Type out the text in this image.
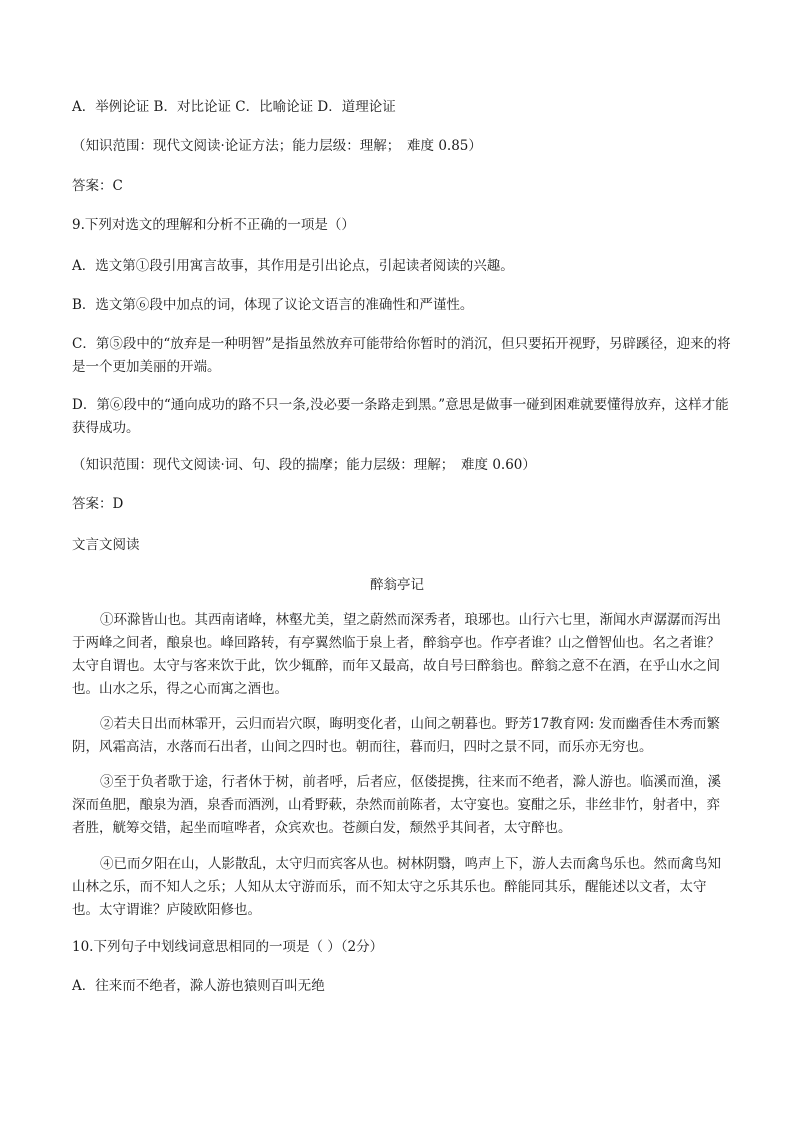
A．举例论证 B．对比论证 C．比喻论证 D．道理论证
（知识范围：现代文阅读·论证方法；能力层级：理解；　难度 0.85）
答案：C
9.下列对选文的理解和分析不正确的一项是（）
A．选文第①段引用寓言故事，其作用是引出论点，引起读者阅读的兴趣。
B．选文第⑥段中加点的词，体现了议论文语言的准确性和严谨性。
C．第⑤段中的“放弃是一种明智”是指虽然放弃可能带给你暂时的消沉，但只要拓开视野，另辟蹊径，迎来的将是一个更加美丽的开端。
D．第⑥段中的“通向成功的路不只一条,没必要一条路走到黑。”意思是做事一碰到困难就要懂得放弃，这样才能获得成功。
（知识范围：现代文阅读·词、句、段的揣摩；能力层级：理解；　难度 0.60）
答案：D
文言文阅读
醉翁亭记
①环滁皆山也。其西南诸峰，林壑尤美，望之蔚然而深秀者，琅琊也。山行六七里，渐闻水声潺潺而泻出于两峰之间者，酿泉也。峰回路转，有亭翼然临于泉上者，醉翁亭也。作亭者谁？山之僧智仙也。名之者谁？太守自谓也。太守与客来饮于此，饮少辄醉，而年又最高，故自号曰醉翁也。醉翁之意不在酒，在乎山水之间也。山水之乐，得之心而寓之酒也。
②若夫日出而林霏开，云归而岩穴暝，晦明变化者，山间之朝暮也。野芳17教育网: 发而幽香佳木秀而繁阴，风霜高洁，水落而石出者，山间之四时也。朝而往，暮而归，四时之景不同，而乐亦无穷也。
③至于负者歌于途，行者休于树，前者呼，后者应，伛偻提携，往来而不绝者，滁人游也。临溪而渔，溪深而鱼肥，酿泉为酒，泉香而酒洌，山肴野蔌，杂然而前陈者，太守宴也。宴酣之乐，非丝非竹，射者中，弈者胜，觥筹交错，起坐而喧哗者，众宾欢也。苍颜白发，颓然乎其间者，太守醉也。
④已而夕阳在山，人影散乱，太守归而宾客从也。树林阴翳，鸣声上下，游人去而禽鸟乐也。然而禽鸟知山林之乐，而不知人之乐；人知从太守游而乐，而不知太守之乐其乐也。醉能同其乐，醒能述以文者，太守也。太守谓谁？庐陵欧阳修也。
10.下列句子中划线词意思相同的一项是（ ）（2分）
A．往来而不绝者，滁人游也猿则百叫无绝
